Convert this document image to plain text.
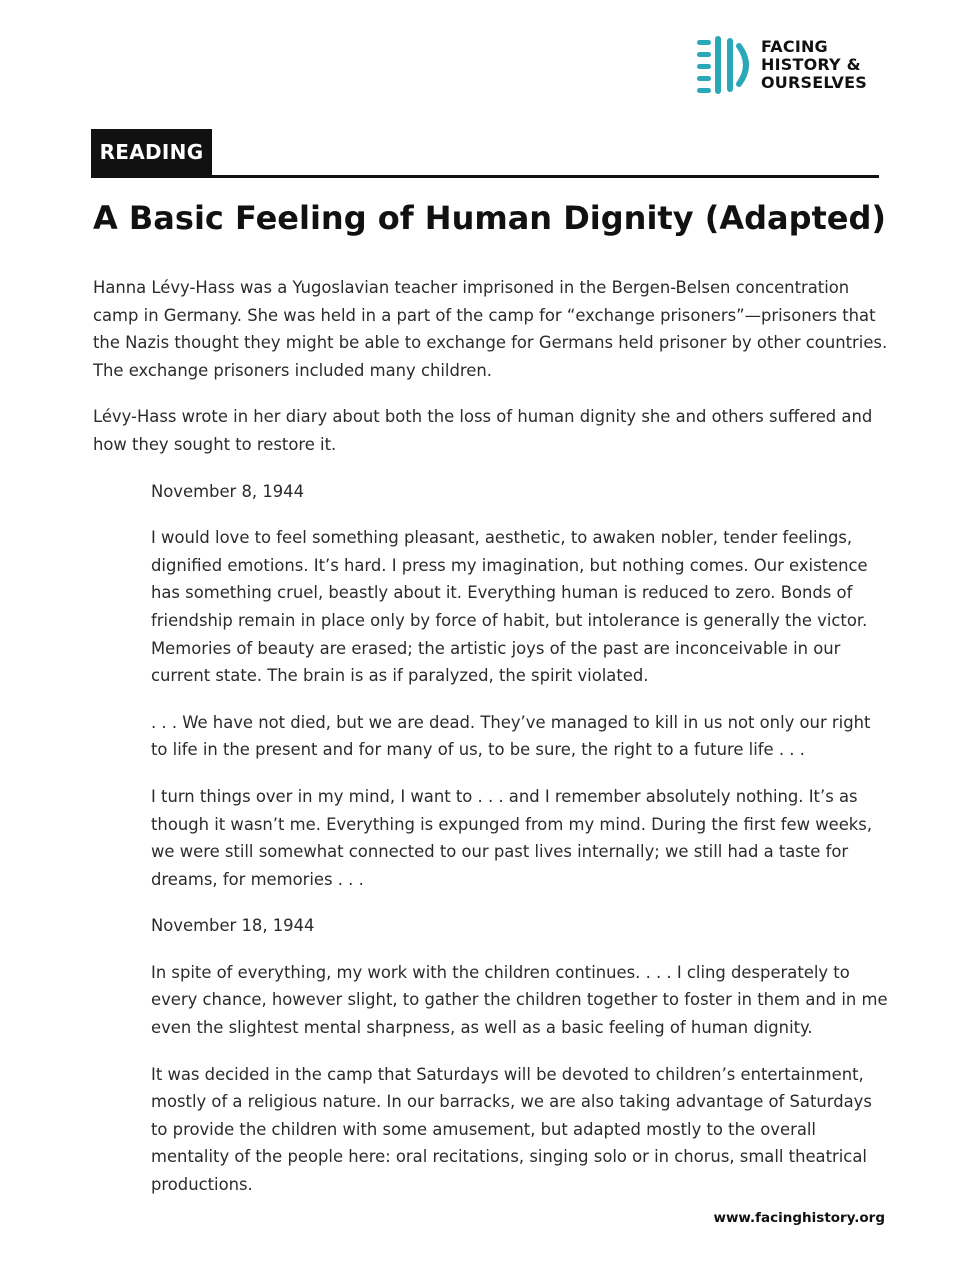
FACING
HISTORY &
OURSELVES
READING
A Basic Feeling of Human Dignity (Adapted)

Hanna Lévy-Hass was a Yugoslavian teacher imprisoned in the Bergen-Belsen concentration camp in Germany. She was held in a part of the camp for “exchange prisoners”—prisoners that the Nazis thought they might be able to exchange for Germans held prisoner by other countries. The exchange prisoners included many children.

Lévy-Hass wrote in her diary about both the loss of human dignity she and others suffered and how they sought to restore it.

November 8, 1944

I would love to feel something pleasant, aesthetic, to awaken nobler, tender feelings, dignified emotions. It’s hard. I press my imagination, but nothing comes. Our existence has something cruel, beastly about it. Everything human is reduced to zero. Bonds of friendship remain in place only by force of habit, but intolerance is generally the victor. Memories of beauty are erased; the artistic joys of the past are inconceivable in our current state. The brain is as if paralyzed, the spirit violated.

. . . We have not died, but we are dead. They’ve managed to kill in us not only our right to life in the present and for many of us, to be sure, the right to a future life . . .

I turn things over in my mind, I want to . . . and I remember absolutely nothing. It’s as though it wasn’t me. Everything is expunged from my mind. During the first few weeks, we were still somewhat connected to our past lives internally; we still had a taste for dreams, for memories . . .

November 18, 1944

In spite of everything, my work with the children continues. . . . I cling desperately to every chance, however slight, to gather the children together to foster in them and in me even the slightest mental sharpness, as well as a basic feeling of human dignity.

It was decided in the camp that Saturdays will be devoted to children’s entertainment, mostly of a religious nature. In our barracks, we are also taking advantage of Saturdays to provide the children with some amusement, but adapted mostly to the overall mentality of the people here: oral recitations, singing solo or in chorus, small theatrical productions.

www.facinghistory.org
